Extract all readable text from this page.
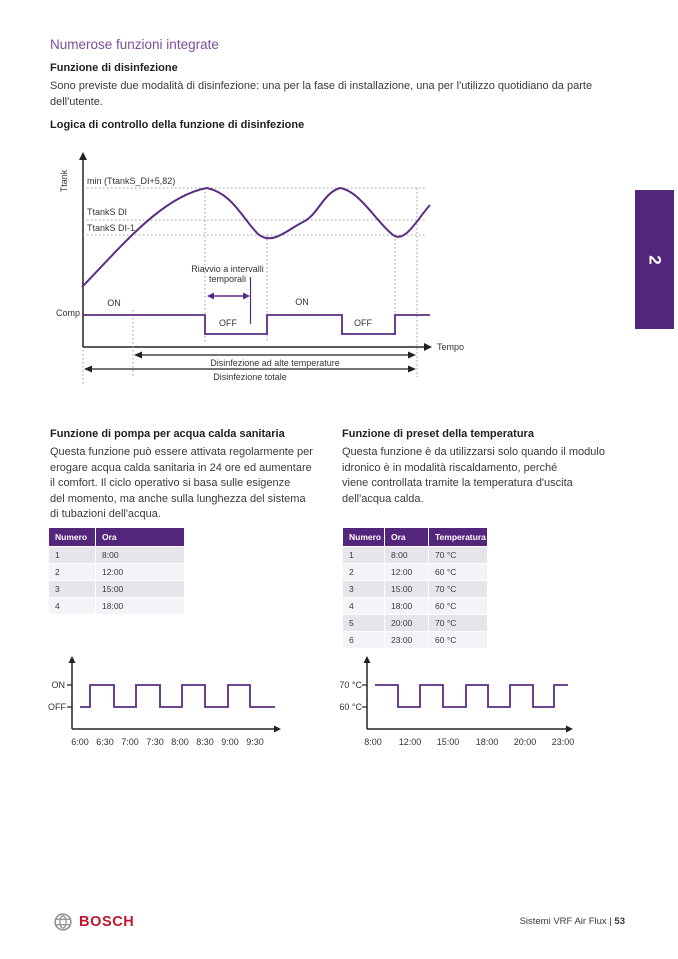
Numerose funzioni integrate
Funzione di disinfezione
Sono previste due modalità di disinfezione: una per la fase di installazione, una per l'utilizzo quotidiano da parte
dell'utente.
Logica di controllo della funzione di disinfezione
Ttank min (TtankS_DI+5,82)
TtankS DI
TtankS DI-1
Riavvio a intervalli
temporali
ON
OFF
ON
OFF
Comp
Tempo
Disinfezione ad alte temperature
Disinfezione totale
2
Funzione di pompa per acqua calda sanitaria
Questa funzione può essere attivata regolarmente per
erogare acqua calda sanitaria in 24 ore ed aumentare
il comfort. Il ciclo operativo si basa sulle esigenze
del momento, ma anche sulla lunghezza del sistema
di tubazioni dell'acqua.
Numero	Ora
1	8:00
2	12:00
3	15:00
4	18:00
Funzione di preset della temperatura
Questa funzione è da utilizzarsi solo quando il modulo
idronico è in modalità riscaldamento, perché
viene controllata tramite la temperatura d'uscita
dell'acqua calda.
Numero	Ora	Temperatura
1	8:00	70 °C
2	12:00	60 °C
3	15:00	70 °C
4	18:00	60 °C
5	20:00	70 °C
6	23:00	60 °C
ON
OFF
6:00 6:30 7:00 7:30 8:00 8:30 9:00 9:30
70 °C
60 °C
8:00	12:00	15:00	18:00	20:00	23:00
BOSCH	Sistemi VRF Air Flux | 53
